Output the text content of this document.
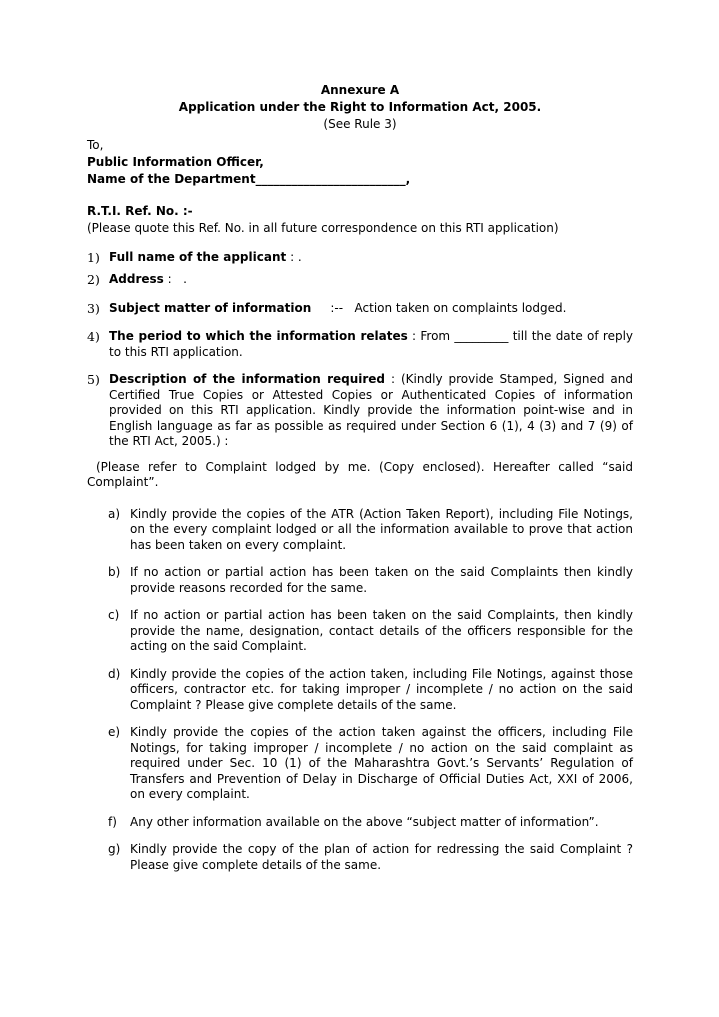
Annexure A
Application under the Right to Information Act, 2005.
(See Rule 3)
To,
Public Information Officer,
Name of the Department_________________________,
R.T.I. Ref. No. :-
(Please quote this Ref. No. in all future correspondence on this RTI application)
1) Full name of the applicant : .
2) Address :   .
3) Subject matter of information     :--   Action taken on complaints lodged.
4) The period to which the information relates : From _________ till the date of reply to this RTI application.
5) Description of the information required : (Kindly provide Stamped, Signed and Certified True Copies or Attested Copies or Authenticated Copies of information provided on this RTI application. Kindly provide the information point-wise and in English language as far as possible as required under Section 6 (1), 4 (3) and 7 (9) of the RTI Act, 2005.) :
(Please refer to Complaint lodged by me. (Copy enclosed). Hereafter called “said Complaint”.
a) Kindly provide the copies of the ATR (Action Taken Report), including File Notings, on the every complaint lodged or all the information available to prove that action has been taken on every complaint.
b) If no action or partial action has been taken on the said Complaints then kindly provide reasons recorded for the same.
c) If no action or partial action has been taken on the said Complaints, then kindly provide the name, designation, contact details of the officers responsible for the acting on the said Complaint.
d) Kindly provide the copies of the action taken, including File Notings, against those officers, contractor etc. for taking improper / incomplete / no action on the said Complaint ? Please give complete details of the same.
e) Kindly provide the copies of the action taken against the officers, including File Notings, for taking improper / incomplete / no action on the said complaint as required under Sec. 10 (1) of the Maharashtra Govt.’s Servants’ Regulation of Transfers and Prevention of Delay in Discharge of Official Duties Act, XXI of 2006, on every complaint.
f) Any other information available on the above “subject matter of information”.
g) Kindly provide the copy of the plan of action for redressing the said Complaint ? Please give complete details of the same.
